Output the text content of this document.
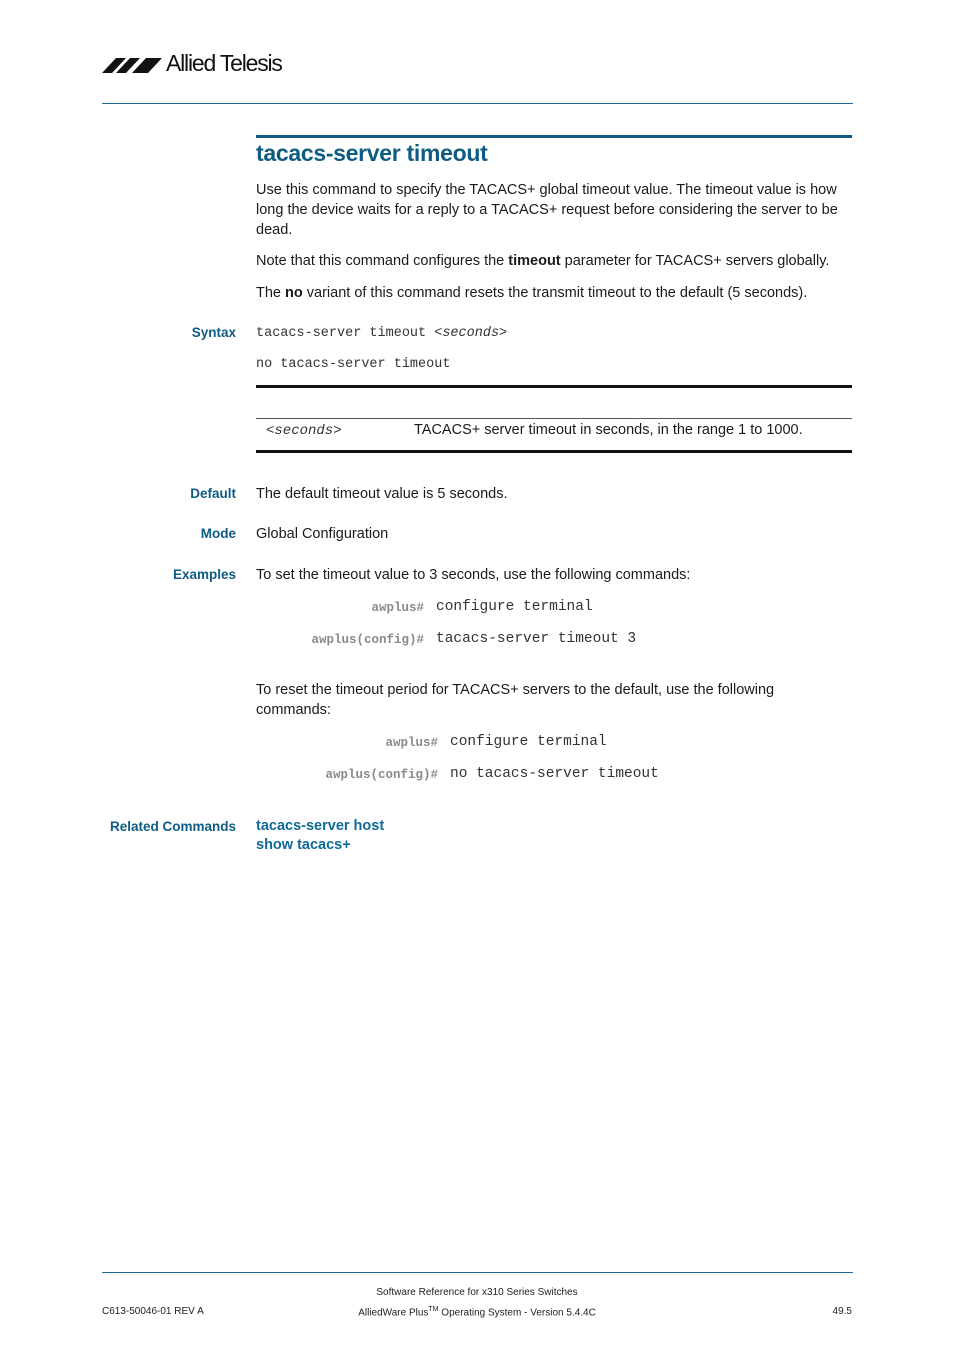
Allied Telesis
tacacs-server timeout
Use this command to specify the TACACS+ global timeout value. The timeout value is how long the device waits for a reply to a TACACS+ request before considering the server to be dead.
Note that this command configures the timeout parameter for TACACS+ servers globally.
The no variant of this command resets the transmit timeout to the default (5 seconds).
Syntax tacacs-server timeout <seconds>
no tacacs-server timeout
<seconds>	TACACS+ server timeout in seconds, in the range 1 to 1000.
Default The default timeout value is 5 seconds.
Mode Global Configuration
Examples To set the timeout value to 3 seconds, use the following commands:
awplus# configure terminal
awplus(config)# tacacs-server timeout 3
To reset the timeout period for TACACS+ servers to the default, use the following commands:
awplus# configure terminal
awplus(config)# no tacacs-server timeout
Related Commands tacacs-server host
show tacacs+
Software Reference for x310 Series Switches
C613-50046-01 REV A	AlliedWare Plus™ Operating System - Version 5.4.4C	49.5
